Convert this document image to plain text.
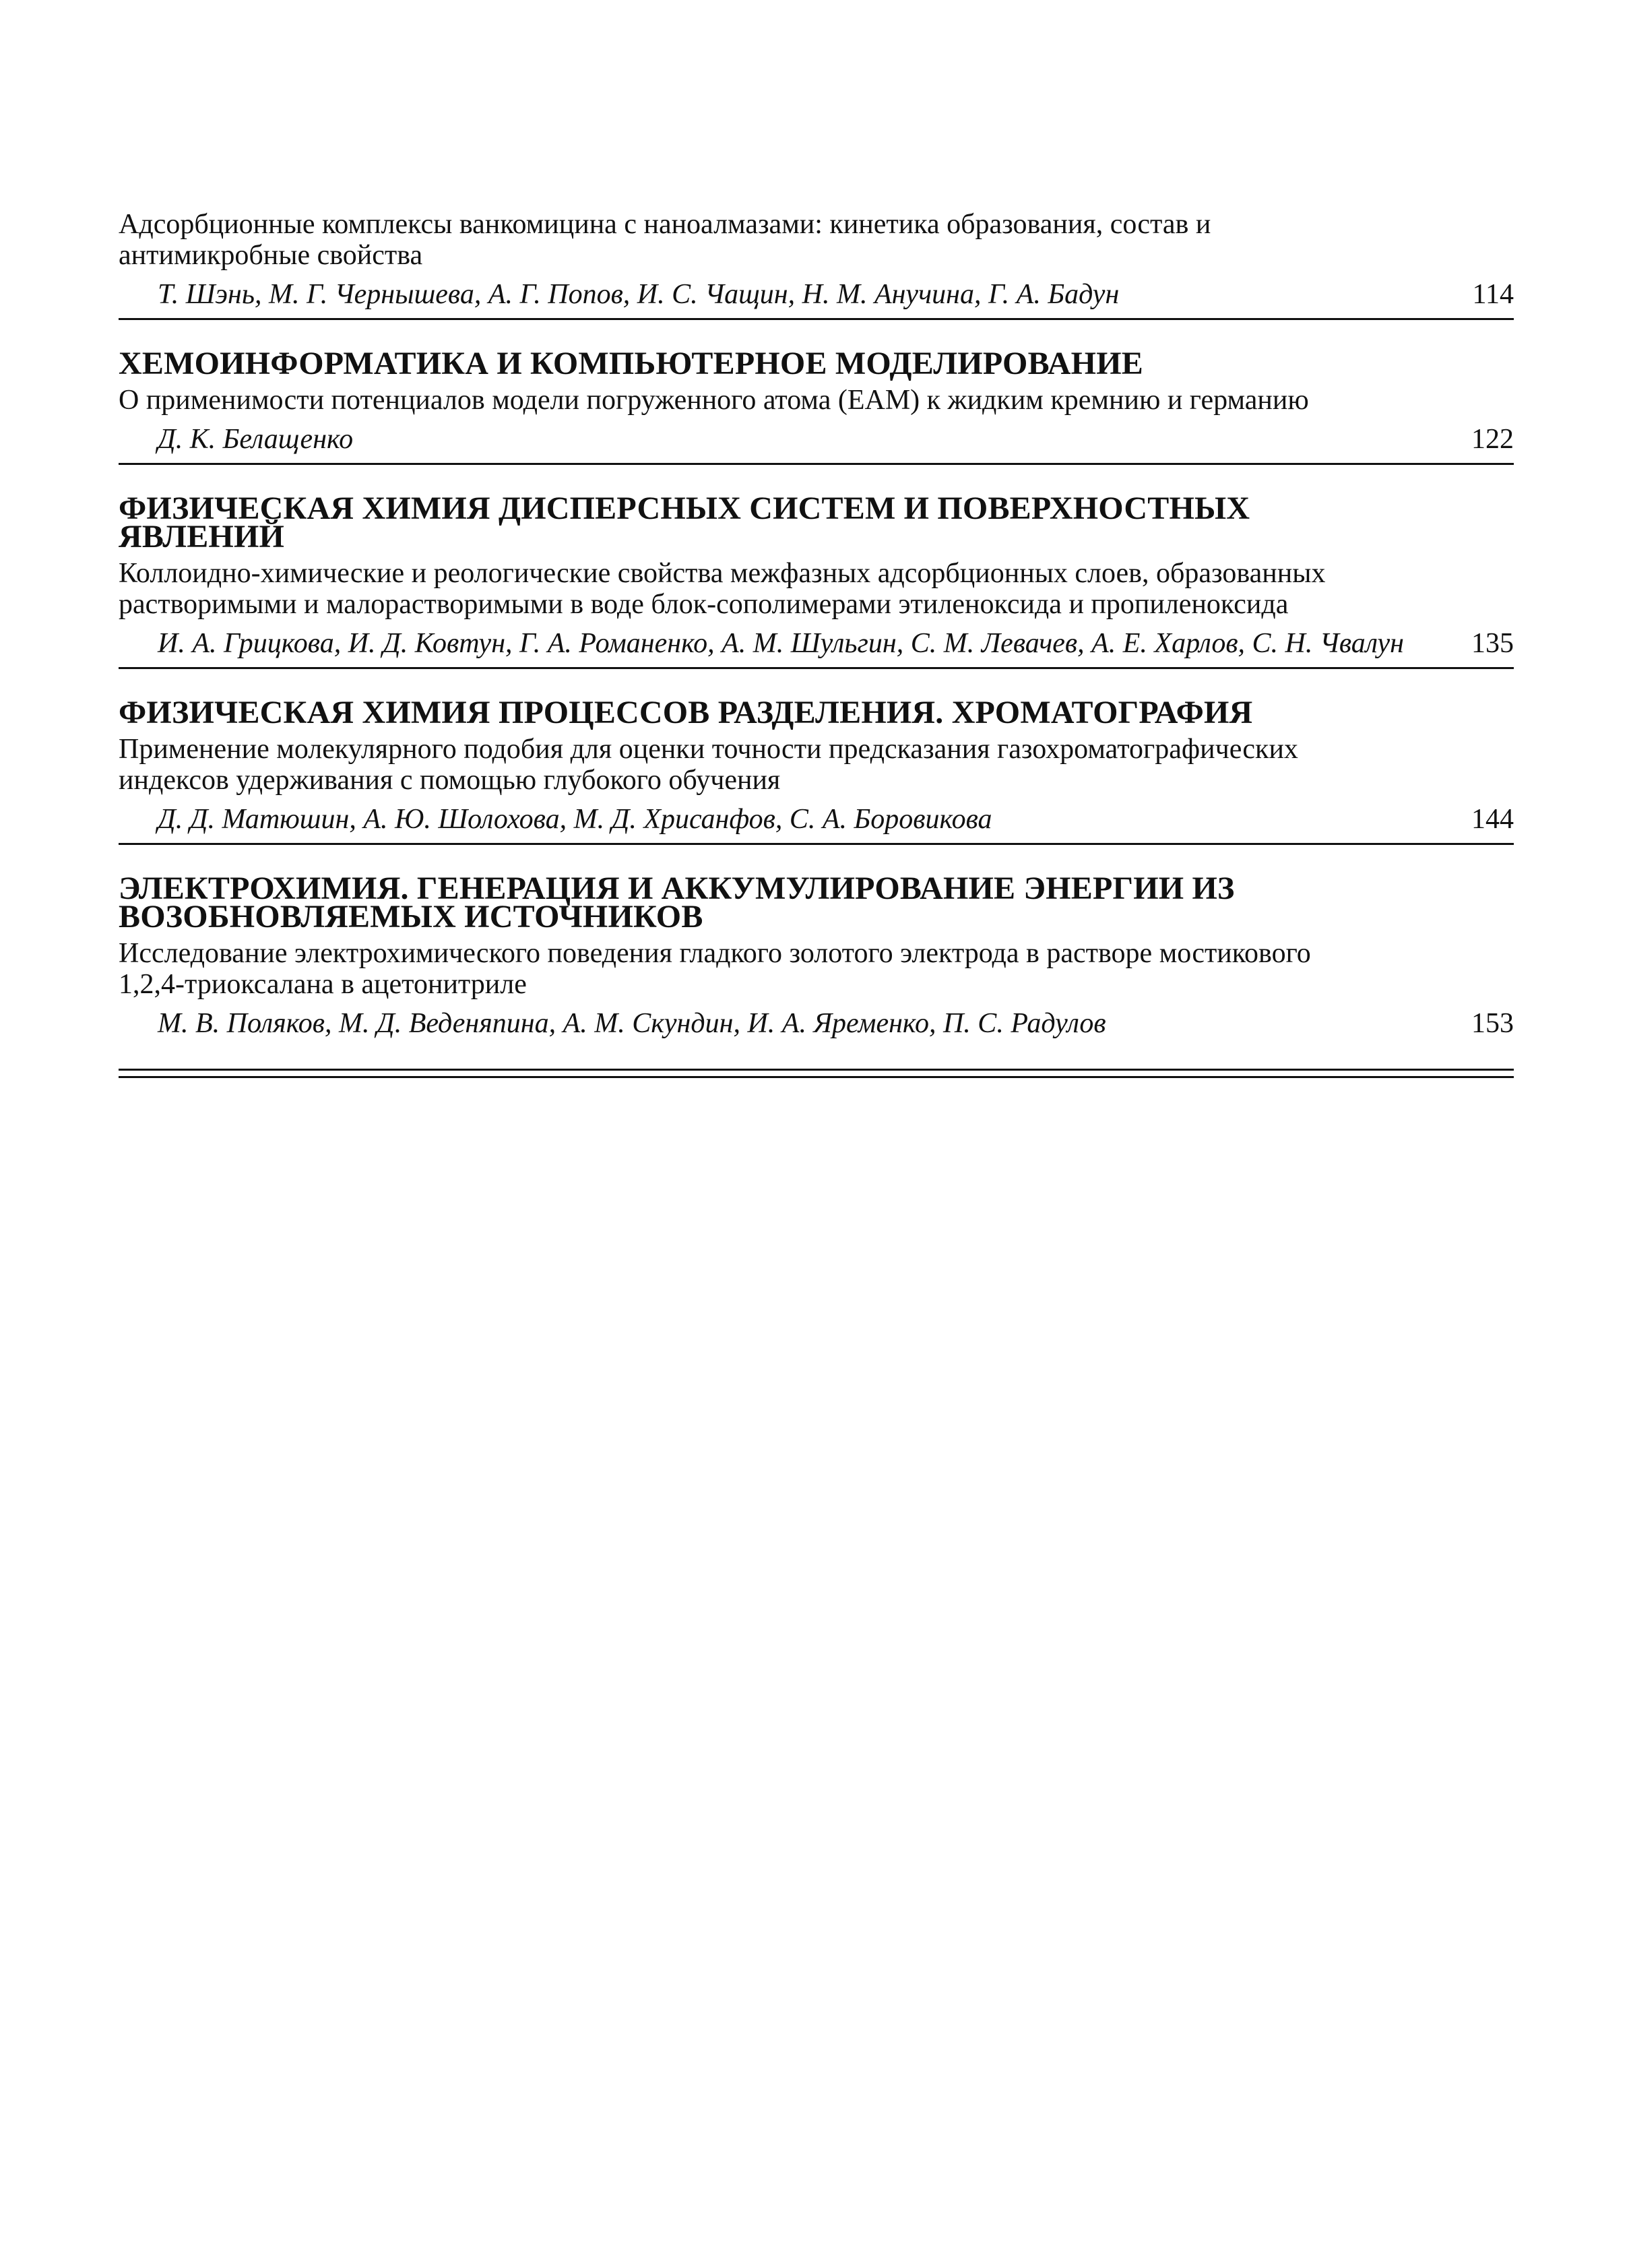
Адсорбционные комплексы ванкомицина с наноалмазами: кинетика образования, состав и антимикробные свойства

Т. Шэнь, М. Г. Чернышева, А. Г. Попов, И. С. Чащин, Н. М. Анучина, Г. А. Бадун	114
ХЕМОИНФОРМАТИКА И КОМПЬЮТЕРНОЕ МОДЕЛИРОВАНИЕ

О применимости потенциалов модели погруженного атома (EAM) к жидким кремнию и германию

Д. К. Белащенко	122
ФИЗИЧЕСКАЯ ХИМИЯ ДИСПЕРСНЫХ СИСТЕМ И ПОВЕРХНОСТНЫХ ЯВЛЕНИЙ

Коллоидно-химические и реологические свойства межфазных адсорбционных слоев, образованных растворимыми и малорастворимыми в воде блок-сополимерами этиленоксида и пропиленоксида

И. А. Грицкова, И. Д. Ковтун, Г. А. Романенко, А. М. Шульгин, С. М. Левачев, А. Е. Харлов, С. Н. Чвалун	135
ФИЗИЧЕСКАЯ ХИМИЯ ПРОЦЕССОВ РАЗДЕЛЕНИЯ. ХРОМАТОГРАФИЯ

Применение молекулярного подобия для оценки точности предсказания газохроматографических индексов удерживания с помощью глубокого обучения

Д. Д. Матюшин, А. Ю. Шолохова, М. Д. Хрисанфов, С. А. Боровикова	144
ЭЛЕКТРОХИМИЯ. ГЕНЕРАЦИЯ И АККУМУЛИРОВАНИЕ ЭНЕРГИИ ИЗ ВОЗОБНОВЛЯЕМЫХ ИСТОЧНИКОВ

Исследование электрохимического поведения гладкого золотого электрода в растворе мостикового 1,2,4-триоксалана в ацетонитриле

М. В. Поляков, М. Д. Веденяпина, А. М. Скундин, И. А. Яременко, П. С. Радулов	153
